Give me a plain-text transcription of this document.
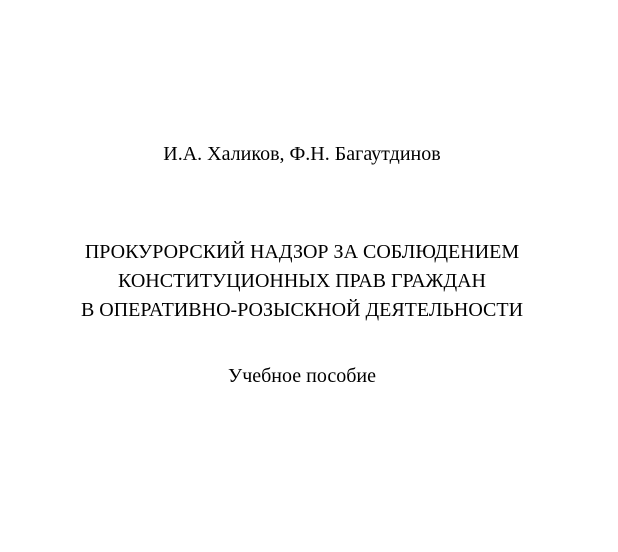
И.А. Халиков, Ф.Н. Багаутдинов
ПРОКУРОРСКИЙ НАДЗОР ЗА СОБЛЮДЕНИЕМ
КОНСТИТУЦИОННЫХ ПРАВ ГРАЖДАН
В ОПЕРАТИВНО-РОЗЫСКНОЙ ДЕЯТЕЛЬНОСТИ
Учебное пособие
